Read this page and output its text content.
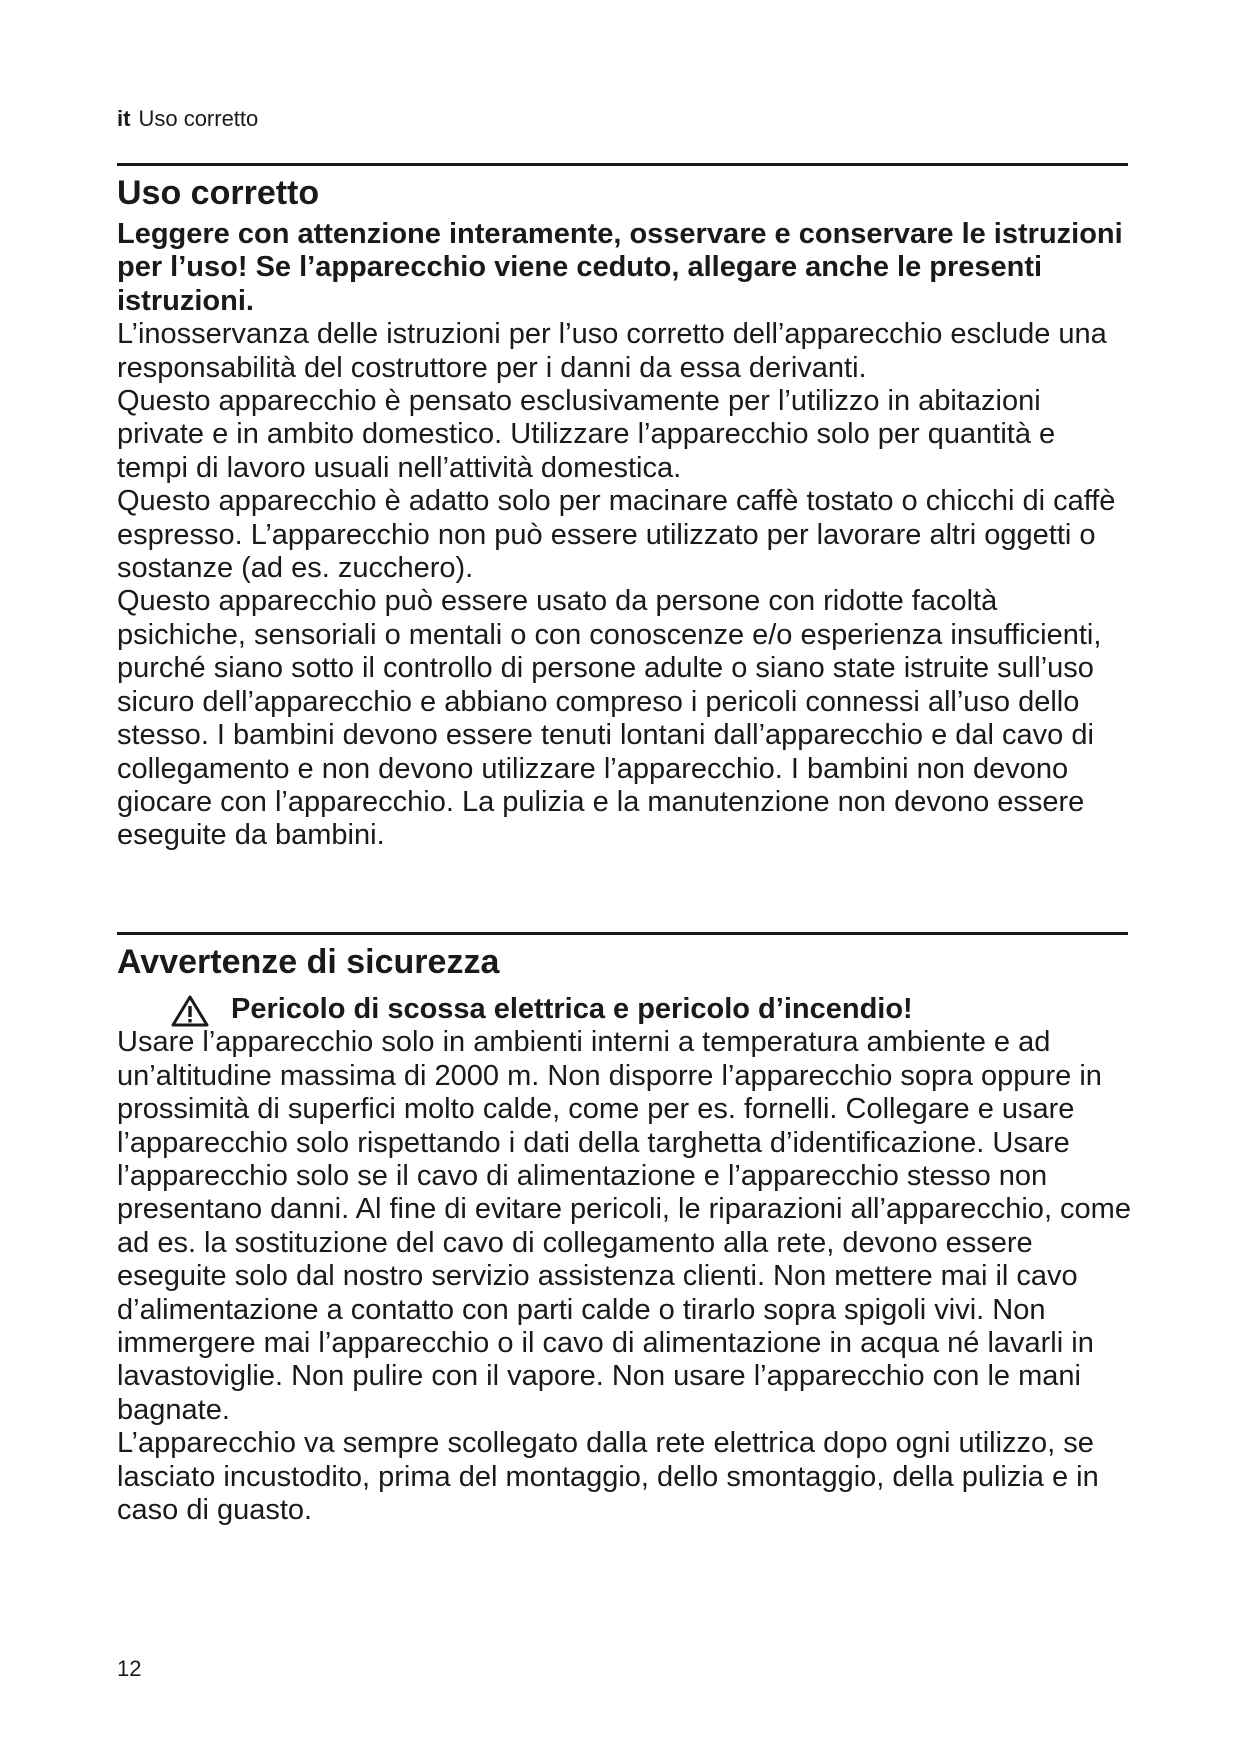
it Uso corretto
Uso corretto

Leggere con attenzione interamente, osservare e conservare le istruzioni per l’uso! Se l’apparecchio viene ceduto, allegare anche le presenti istruzioni.

L’inosservanza delle istruzioni per l’uso corretto dell’apparecchio esclude una responsabilità del costruttore per i danni da essa derivanti.

Questo apparecchio è pensato esclusivamente per l’utilizzo in abitazioni private e in ambito domestico. Utilizzare l’apparecchio solo per quantità e tempi di lavoro usuali nell’attività domestica.

Questo apparecchio è adatto solo per macinare caffè tostato o chicchi di caffè espresso. L’apparecchio non può essere utilizzato per lavorare altri oggetti o sostanze (ad es. zucchero).

Questo apparecchio può essere usato da persone con ridotte facoltà psichiche, sensoriali o mentali o con conoscenze e/o esperienza insufficienti, purché siano sotto il controllo di persone adulte o siano state istruite sull’uso sicuro dell’apparecchio e abbiano compreso i pericoli connessi all’uso dello stesso. I bambini devono essere tenuti lontani dall’apparecchio e dal cavo di collegamento e non devono utilizzare l’apparecchio. I bambini non devono giocare con l’apparecchio. La pulizia e la manutenzione non devono essere eseguite da bambini.

Avvertenze di sicurezza

Pericolo di scossa elettrica e pericolo d’incendio!

Usare l’apparecchio solo in ambienti interni a temperatura ambiente e ad un’altitudine massima di 2000 m. Non disporre l’apparecchio sopra oppure in prossimità di superfici molto calde, come per es. fornelli. Collegare e usare l’apparecchio solo rispettando i dati della targhetta d’identificazione. Usare l’apparecchio solo se il cavo di alimentazione e l’apparecchio stesso non presentano danni. Al fine di evitare pericoli, le riparazioni all’apparecchio, come ad es. la sostituzione del cavo di collegamento alla rete, devono essere eseguite solo dal nostro servizio assistenza clienti. Non mettere mai il cavo d’alimentazione a contatto con parti calde o tirarlo sopra spigoli vivi. Non immergere mai l’apparecchio o il cavo di alimentazione in acqua né lavarli in lavastoviglie. Non pulire con il vapore. Non usare l’apparecchio con le mani bagnate.

L’apparecchio va sempre scollegato dalla rete elettrica dopo ogni utilizzo, se lasciato incustodito, prima del montaggio, dello smontaggio, della pulizia e in caso di guasto.

12
